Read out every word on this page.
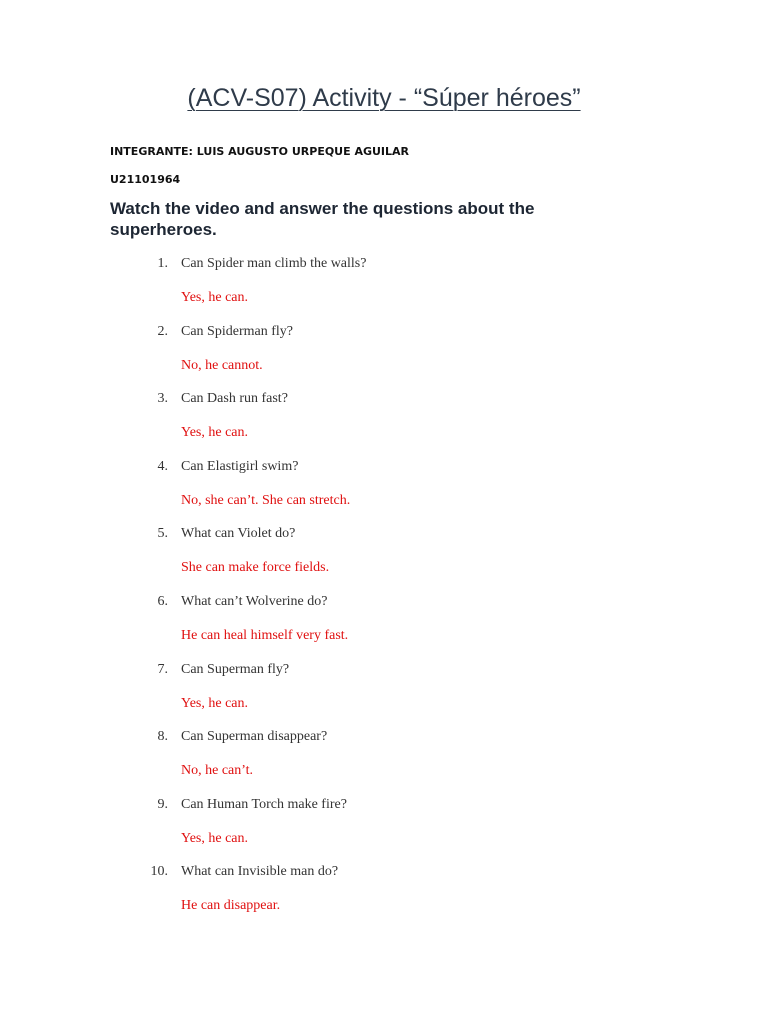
(ACV-S07) Activity - “Súper héroes”
INTEGRANTE: LUIS AUGUSTO URPEQUE AGUILAR
U21101964
Watch the video and answer the questions about the superheroes.
1. Can Spider man climb the walls?
Yes, he can.
2. Can Spiderman fly?
No, he cannot.
3. Can Dash run fast?
Yes, he can.
4. Can Elastigirl swim?
No, she can’t. She can stretch.
5. What can Violet do?
She can make force fields.
6. What can’t Wolverine do?
He can heal himself very fast.
7. Can Superman fly?
Yes, he can.
8. Can Superman disappear?
No, he can’t.
9. Can Human Torch make fire?
Yes, he can.
10. What can Invisible man do?
He can disappear.
